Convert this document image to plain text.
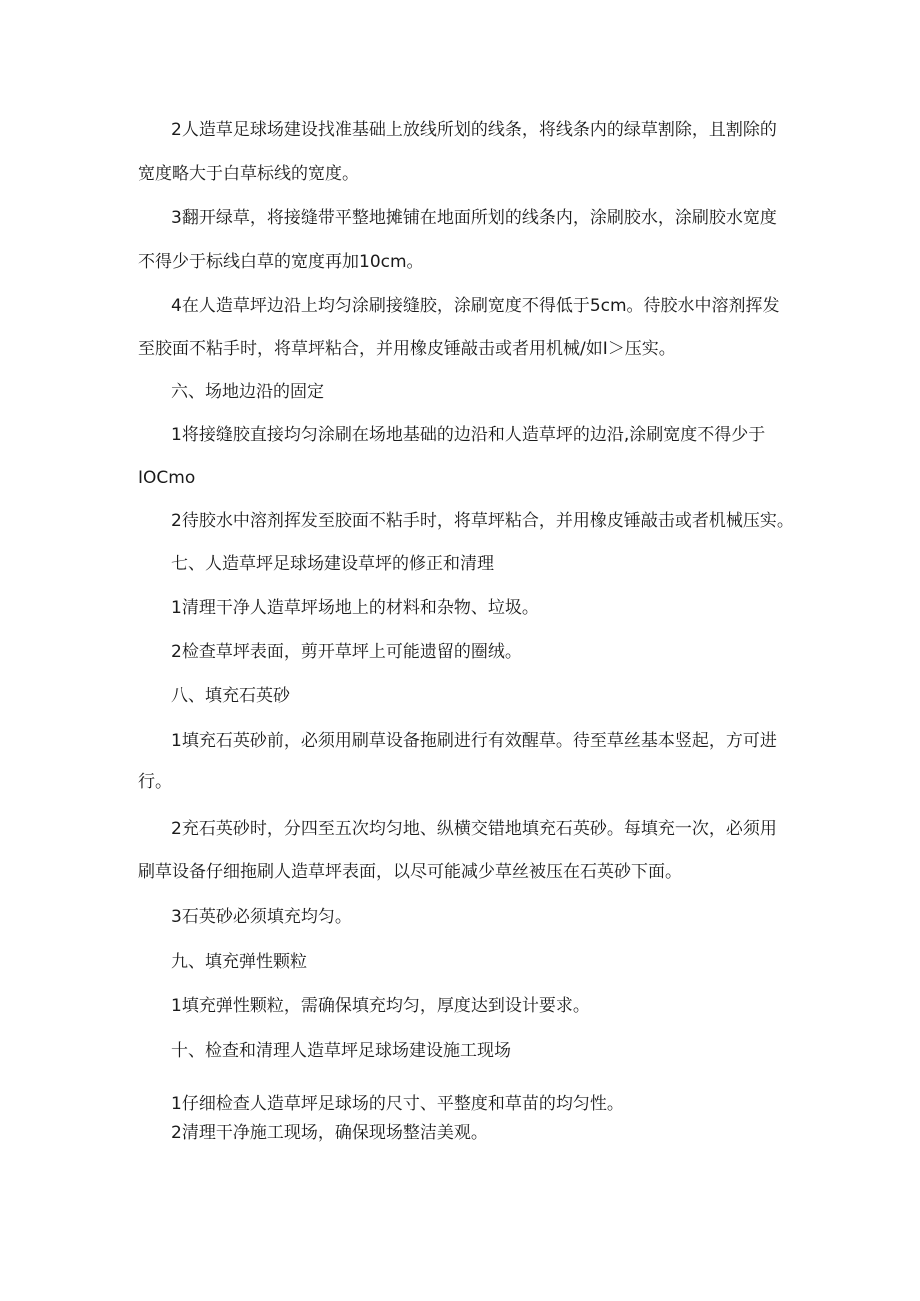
2人造草足球场建设找准基础上放线所划的线条，将线条内的绿草割除，且割除的
宽度略大于白草标线的宽度。
3翻开绿草，将接缝带平整地摊铺在地面所划的线条内，涂刷胶水，涂刷胶水宽度
不得少于标线白草的宽度再加10cm。
4在人造草坪边沿上均匀涂刷接缝胶，涂刷宽度不得低于5cm。待胶水中溶剂挥发
至胶面不粘手时，将草坪粘合，并用橡皮锤敲击或者用机械/如I＞压实。
六、场地边沿的固定
1将接缝胶直接均匀涂刷在场地基础的边沿和人造草坪的边沿,涂刷宽度不得少于
IOCmo
2待胶水中溶剂挥发至胶面不粘手时，将草坪粘合，并用橡皮锤敲击或者机械压实。
七、人造草坪足球场建设草坪的修正和清理
1清理干净人造草坪场地上的材料和杂物、垃圾。
2检查草坪表面，剪开草坪上可能遗留的圈绒。
八、填充石英砂
1填充石英砂前，必须用刷草设备拖刷进行有效醒草。待至草丝基本竖起，方可进
行。
2充石英砂时，分四至五次均匀地、纵横交错地填充石英砂。每填充一次，必须用
刷草设备仔细拖刷人造草坪表面，以尽可能减少草丝被压在石英砂下面。
3石英砂必须填充均匀。
九、填充弹性颗粒
1填充弹性颗粒，需确保填充均匀，厚度达到设计要求。
十、检查和清理人造草坪足球场建设施工现场
1仔细检查人造草坪足球场的尺寸、平整度和草苗的均匀性。
2清理干净施工现场，确保现场整洁美观。
